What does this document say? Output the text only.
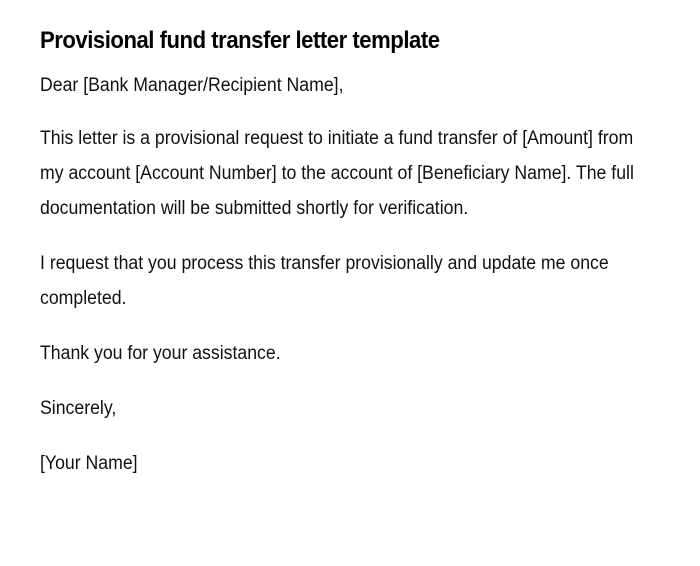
Provisional fund transfer letter template

Dear [Bank Manager/Recipient Name],

This letter is a provisional request to initiate a fund transfer of [Amount] from my account [Account Number] to the account of [Beneficiary Name]. The full documentation will be submitted shortly for verification.

I request that you process this transfer provisionally and update me once completed.

Thank you for your assistance.

Sincerely,

[Your Name]
